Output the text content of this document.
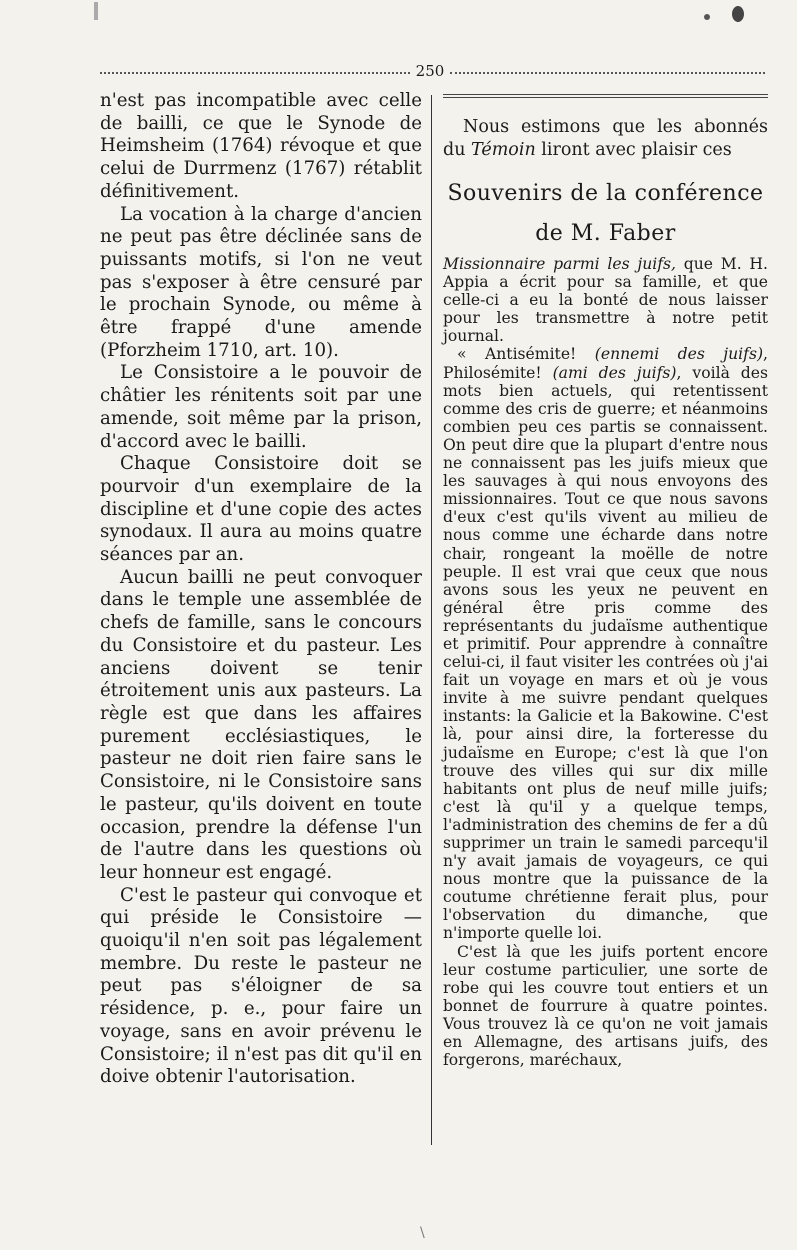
250

n'est pas incompatible avec celle de bailli, ce que le Synode de Heimsheim (1764) révoque et que celui de Durrmenz (1767) rétablit définitivement.

La vocation à la charge d'ancien ne peut pas être déclinée sans de puissants motifs, si l'on ne veut pas s'exposer à être censuré par le prochain Synode, ou même à être frappé d'une amende (Pforzheim 1710, art. 10).

Le Consistoire a le pouvoir de châtier les rénitents soit par une amende, soit même par la prison, d'accord avec le bailli.

Chaque Consistoire doit se pourvoir d'un exemplaire de la discipline et d'une copie des actes synodaux. Il aura au moins quatre séances par an.

Aucun bailli ne peut convoquer dans le temple une assemblée de chefs de famille, sans le concours du Consistoire et du pasteur. Les anciens doivent se tenir étroitement unis aux pasteurs. La règle est que dans les affaires purement ecclésiastiques, le pasteur ne doit rien faire sans le Consistoire, ni le Consistoire sans le pasteur, qu'ils doivent en toute occasion, prendre la défense l'un de l'autre dans les questions où leur honneur est engagé.

C'est le pasteur qui convoque et qui préside le Consistoire — quoiqu'il n'en soit pas légalement membre. Du reste le pasteur ne peut pas s'éloigner de sa résidence, p. e., pour faire un voyage, sans en avoir prévenu le Consistoire; il n'est pas dit qu'il en doive obtenir l'autorisation.

Nous estimons que les abonnés du Témoin liront avec plaisir ces

Souvenirs de la conférence
de M. Faber

Missionnaire parmi les juifs, que M. H. Appia a écrit pour sa famille, et que celle-ci a eu la bonté de nous laisser pour les transmettre à notre petit journal.

« Antisémite! (ennemi des juifs), Philosémite! (ami des juifs), voilà des mots bien actuels, qui retentissent comme des cris de guerre; et néanmoins combien peu ces partis se connaissent. On peut dire que la plupart d'entre nous ne connaissent pas les juifs mieux que les sauvages à qui nous envoyons des missionnaires. Tout ce que nous savons d'eux c'est qu'ils vivent au milieu de nous comme une écharde dans notre chair, rongeant la moëlle de notre peuple. Il est vrai que ceux que nous avons sous les yeux ne peuvent en général être pris comme des représentants du judaïsme authentique et primitif. Pour apprendre à connaître celui-ci, il faut visiter les contrées où j'ai fait un voyage en mars et où je vous invite à me suivre pendant quelques instants: la Galicie et la Bakowine. C'est là, pour ainsi dire, la forteresse du judaïsme en Europe; c'est là que l'on trouve des villes qui sur dix mille habitants ont plus de neuf mille juifs; c'est là qu'il y a quelque temps, l'administration des chemins de fer a dû supprimer un train le samedi parcequ'il n'y avait jamais de voyageurs, ce qui nous montre que la puissance de la coutume chrétienne ferait plus, pour l'observation du dimanche, que n'importe quelle loi.

C'est là que les juifs portent encore leur costume particulier, une sorte de robe qui les couvre tout entiers et un bonnet de fourrure à quatre pointes. Vous trouvez là ce qu'on ne voit jamais en Allemagne, des artisans juifs, des forgerons, maréchaux,

\
